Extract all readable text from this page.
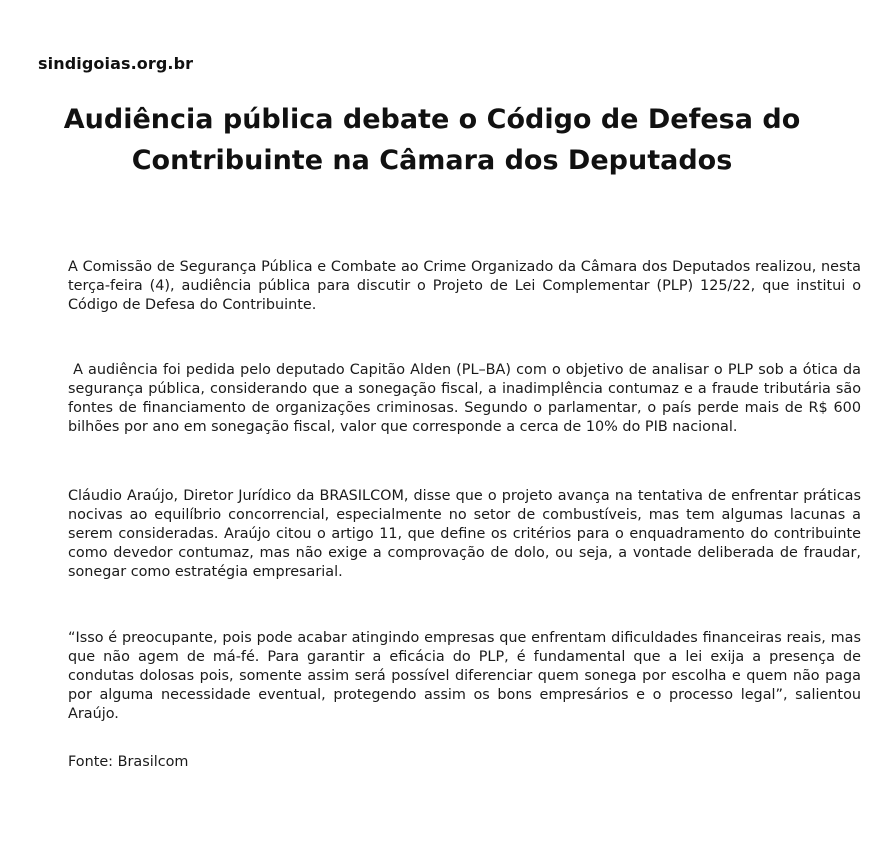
sindigoias.org.br
Audiência pública debate o Código de Defesa do Contribuinte na Câmara dos Deputados

A Comissão de Segurança Pública e Combate ao Crime Organizado da Câmara dos Deputados realizou, nesta terça-feira (4), audiência pública para discutir o Projeto de Lei Complementar (PLP) 125/22, que institui o Código de Defesa do Contribuinte.

A audiência foi pedida pelo deputado Capitão Alden (PL–BA) com o objetivo de analisar o PLP sob a ótica da segurança pública, considerando que a sonegação fiscal, a inadimplência contumaz e a fraude tributária são fontes de financiamento de organizações criminosas. Segundo o parlamentar, o país perde mais de R$ 600 bilhões por ano em sonegação fiscal, valor que corresponde a cerca de 10% do PIB nacional.

Cláudio Araújo, Diretor Jurídico da BRASILCOM, disse que o projeto avança na tentativa de enfrentar práticas nocivas ao equilíbrio concorrencial, especialmente no setor de combustíveis, mas tem algumas lacunas a serem consideradas. Araújo citou o artigo 11, que define os critérios para o enquadramento do contribuinte como devedor contumaz, mas não exige a comprovação de dolo, ou seja, a vontade deliberada de fraudar, sonegar como estratégia empresarial.

“Isso é preocupante, pois pode acabar atingindo empresas que enfrentam dificuldades financeiras reais, mas que não agem de má-fé. Para garantir a eficácia do PLP, é fundamental que a lei exija a presença de condutas dolosas pois, somente assim será possível diferenciar quem sonega por escolha e quem não paga por alguma necessidade eventual, protegendo assim os bons empresários e o processo legal”, salientou Araújo.

Fonte: Brasilcom
